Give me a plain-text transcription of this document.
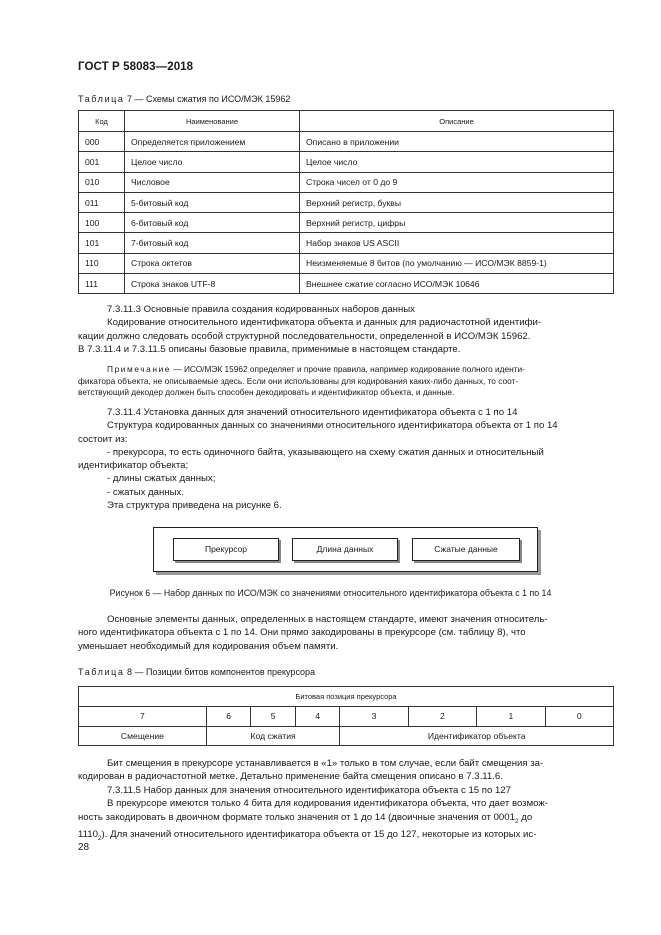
ГОСТ Р 58083—2018
Таблица 7 — Схемы сжатия по ИСО/МЭК 15962
Код	Наименование	Описание
000	Определяется приложением	Описано в приложении
001	Целое число	Целое число
010	Числовое	Строка чисел от 0 до 9
011	5-битовый код	Верхний регистр, буквы
100	6-битовый код	Верхний регистр, цифры
101	7-битовый код	Набор знаков US ASCII
110	Строка октетов	Неизменяемые 8 битов (по умолчанию — ИСО/МЭК 8859-1)
111	Строка знаков UTF-8	Внешнее сжатие согласно ИСО/МЭК 10646
7.3.11.3 Основные правила создания кодированных наборов данных
Кодирование относительного идентификатора объекта и данных для радиочастотной идентифи-
кации должно следовать особой структурной последовательности, определенной в ИСО/МЭК 15962.
В 7.3.11.4 и 7.3.11.5 описаны базовые правила, применимые в настоящем стандарте.
Примечание — ИСО/МЭК 15962 определяет и прочие правила, например кодирование полного иденти-
фикатора объекта, не описываемые здесь. Если они использованы для кодирования каких-либо данных, то соот-
ветствующий декодер должен быть способен декодировать и идентификатор объекта, и данные.
7.3.11.4 Установка данных для значений относительного идентификатора объекта с 1 по 14
Структура кодированных данных со значениями относительного идентификатора объекта от 1 по 14
состоит из:
- прекурсора, то есть одиночного байта, указывающего на схему сжатия данных и относительный
идентификатор объекта;
- длины сжатых данных;
- сжатых данных.
Эта структура приведена на рисунке 6.
Прекурсор	Длина данных	Сжатые данные
Рисунок 6 — Набор данных по ИСО/МЭК со значениями относительного идентификатора объекта с 1 по 14
Основные элементы данных, определенных в настоящем стандарте, имеют значения относитель-
ного идентификатора объекта с 1 по 14. Они прямо закодированы в прекурсоре (см. таблицу 8), что
уменьшает необходимый для кодирования объем памяти.
Таблица 8 — Позиции битов компонентов прекурсора
Битовая позиция прекурсора							
7	6	5	4	3	2	1	0
Смещение	Код сжатия			Идентификатор объекта			
Бит смещения в прекурсоре устанавливается в «1» только в том случае, если байт смещения за-
кодирован в радиочастотной метке. Детально применение байта смещения описано в 7.3.11.6.
7.3.11.5 Набор данных для значения относительного идентификатора объекта с 15 по 127
В прекурсоре имеются только 4 бита для кодирования идентификатора объекта, что дает возмож-
ность закодировать в двоичном формате только значения от 1 до 14 (двоичные значения от $0001_2$ до
$1110_2$). Для значений относительного идентификатора объекта от 15 до 127, некоторые из которых ис-
28
